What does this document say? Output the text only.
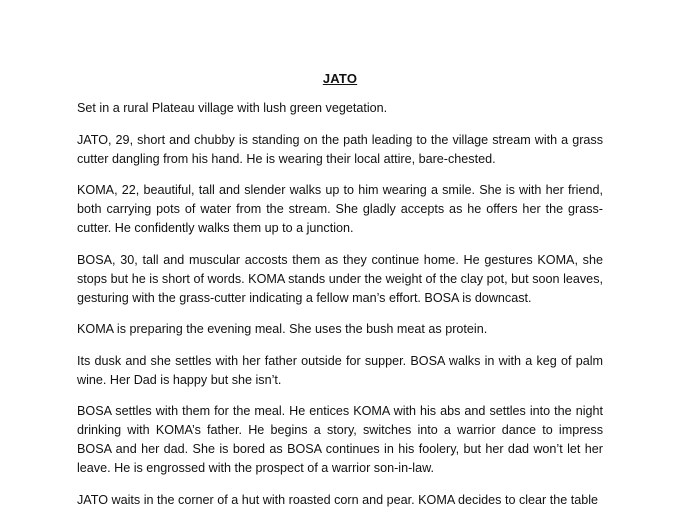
JATO

Set in a rural Plateau village with lush green vegetation.

JATO, 29, short and chubby is standing on the path leading to the village stream with a grass cutter dangling from his hand. He is wearing their local attire, bare-chested.

KOMA, 22, beautiful, tall and slender walks up to him wearing a smile. She is with her friend, both carrying pots of water from the stream. She gladly accepts as he offers her the grass-cutter. He confidently walks them up to a junction.

BOSA, 30, tall and muscular accosts them as they continue home. He gestures KOMA, she stops but he is short of words. KOMA stands under the weight of the clay pot, but soon leaves, gesturing with the grass-cutter indicating a fellow man’s effort. BOSA is downcast.

KOMA is preparing the evening meal. She uses the bush meat as protein.

Its dusk and she settles with her father outside for supper. BOSA walks in with a keg of palm wine. Her Dad is happy but she isn’t.

BOSA settles with them for the meal. He entices KOMA with his abs and settles into the night drinking with KOMA’s father. He begins a story, switches into a warrior dance to impress BOSA and her dad. She is bored as BOSA continues in his foolery, but her dad won’t let her leave. He is engrossed with the prospect of a warrior son-in-law.

JATO waits in the corner of a hut with roasted corn and pear. KOMA decides to clear the table
